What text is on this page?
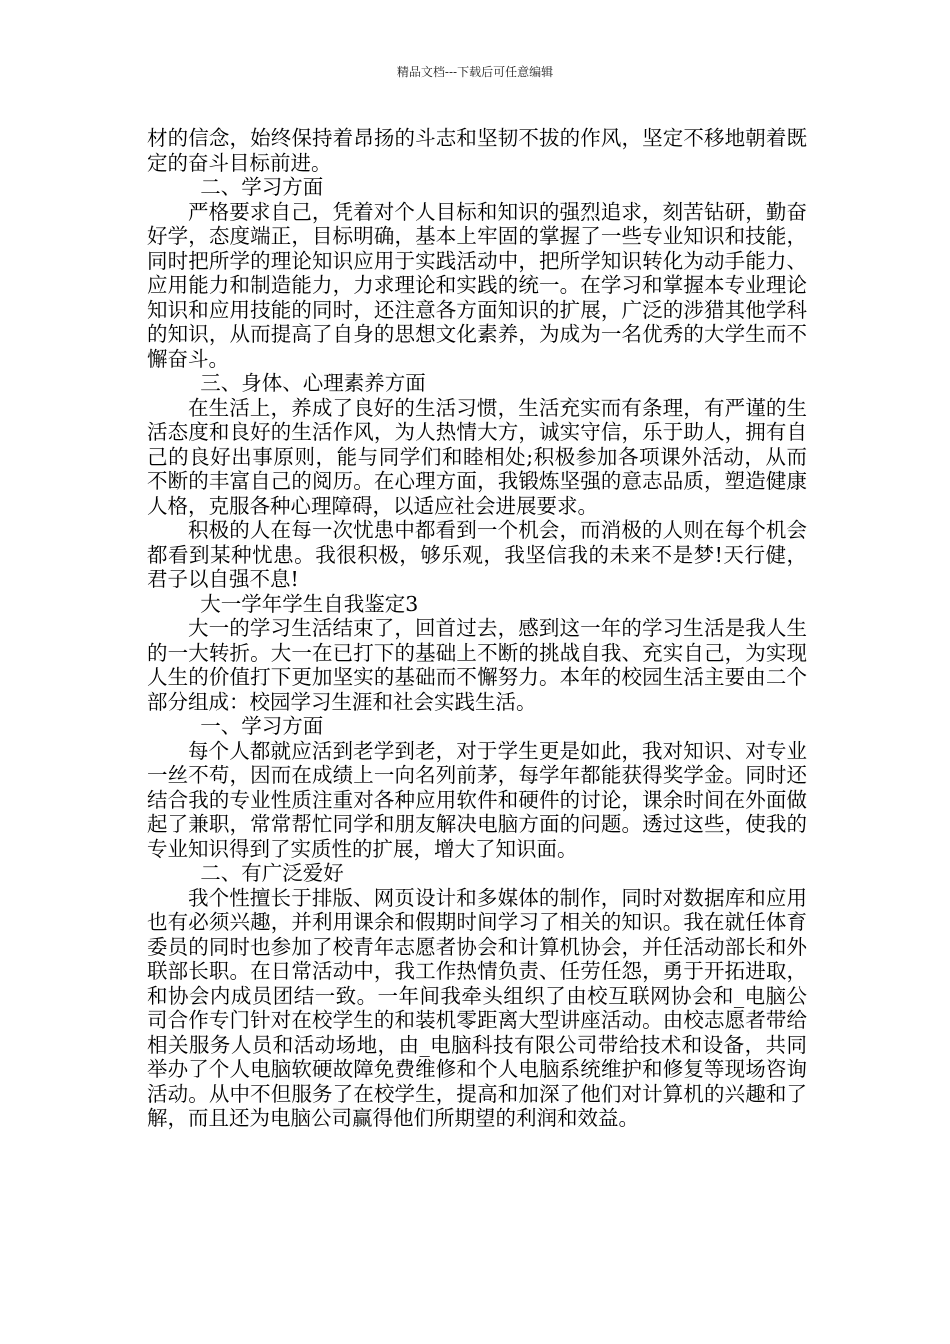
精品文档---下载后可任意编辑

材的信念，始终保持着昂扬的斗志和坚韧不拔的作风，坚定不移地朝着既定的奋斗目标前进。

二、学习方面

严格要求自己，凭着对个人目标和知识的强烈追求，刻苦钻研，勤奋好学，态度端正，目标明确，基本上牢固的掌握了一些专业知识和技能，同时把所学的理论知识应用于实践活动中，把所学知识转化为动手能力、应用能力和制造能力，力求理论和实践的统一。在学习和掌握本专业理论知识和应用技能的同时，还注意各方面知识的扩展，广泛的涉猎其他学科的知识，从而提高了自身的思想文化素养，为成为一名优秀的大学生而不懈奋斗。

三、身体、心理素养方面

在生活上，养成了良好的生活习惯，生活充实而有条理，有严谨的生活态度和良好的生活作风，为人热情大方，诚实守信，乐于助人，拥有自己的良好出事原则，能与同学们和睦相处;积极参加各项课外活动，从而不断的丰富自己的阅历。在心理方面，我锻炼坚强的意志品质，塑造健康人格，克服各种心理障碍，以适应社会进展要求。

积极的人在每一次忧患中都看到一个机会，而消极的人则在每个机会都看到某种忧患。我很积极，够乐观，我坚信我的未来不是梦!天行健，君子以自强不息!

大一学年学生自我鉴定3

大一的学习生活结束了，回首过去，感到这一年的学习生活是我人生的一大转折。大一在已打下的基础上不断的挑战自我、充实自己，为实现人生的价值打下更加坚实的基础而不懈努力。本年的校园生活主要由二个部分组成：校园学习生涯和社会实践生活。

一、学习方面

每个人都就应活到老学到老，对于学生更是如此，我对知识、对专业一丝不苟，因而在成绩上一向名列前茅，每学年都能获得奖学金。同时还结合我的专业性质注重对各种应用软件和硬件的讨论，课余时间在外面做起了兼职，常常帮忙同学和朋友解决电脑方面的问题。透过这些，使我的专业知识得到了实质性的扩展，增大了知识面。

二、有广泛爱好

我个性擅长于排版、网页设计和多媒体的制作，同时对数据库和应用也有必须兴趣，并利用课余和假期时间学习了相关的知识。我在就任体育委员的同时也参加了校青年志愿者协会和计算机协会，并任活动部长和外联部长职。在日常活动中，我工作热情负责、任劳任怨，勇于开拓进取，和协会内成员团结一致。一年间我牵头组织了由校互联网协会和_电脑公司合作专门针对在校学生的和装机零距离大型讲座活动。由校志愿者带给相关服务人员和活动场地，由_电脑科技有限公司带给技术和设备，共同举办了个人电脑软硬故障免费维修和个人电脑系统维护和修复等现场咨询活动。从中不但服务了在校学生，提高和加深了他们对计算机的兴趣和了解，而且还为电脑公司赢得他们所期望的利润和效益。
